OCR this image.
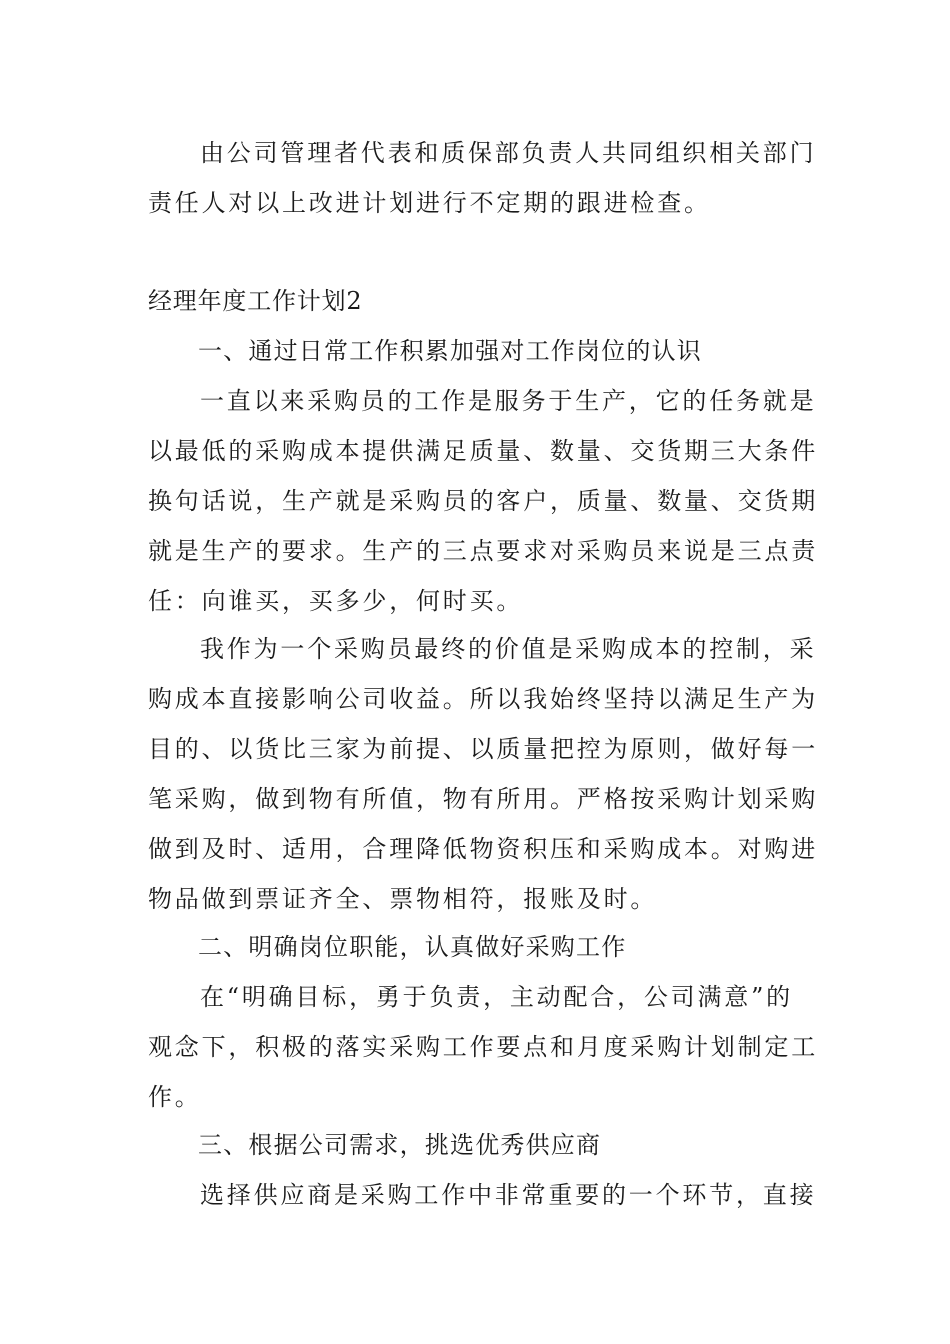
由公司管理者代表和质保部负责人共同组织相关部门
责任人对以上改进计划进行不定期的跟进检查。
经理年度工作计划2
一、通过日常工作积累加强对工作岗位的认识
一直以来采购员的工作是服务于生产，它的任务就是
以最低的采购成本提供满足质量、数量、交货期三大条件
换句话说，生产就是采购员的客户，质量、数量、交货期
就是生产的要求。生产的三点要求对采购员来说是三点责
任：向谁买，买多少，何时买。
我作为一个采购员最终的价值是采购成本的控制，采
购成本直接影响公司收益。所以我始终坚持以满足生产为
目的、以货比三家为前提、以质量把控为原则，做好每一
笔采购，做到物有所值，物有所用。严格按采购计划采购
做到及时、适用，合理降低物资积压和采购成本。对购进
物品做到票证齐全、票物相符，报账及时。
二、明确岗位职能，认真做好采购工作
在“明确目标，勇于负责，主动配合，公司满意”的
观念下，积极的落实采购工作要点和月度采购计划制定工
作。
三、根据公司需求，挑选优秀供应商
选择供应商是采购工作中非常重要的一个环节，直接
